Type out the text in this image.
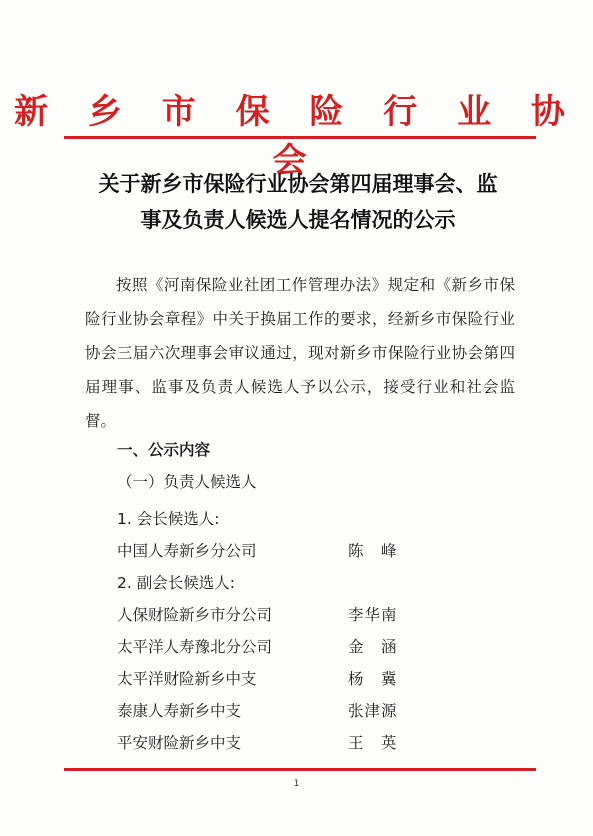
新 乡 市 保 险 行 业 协 会
关于新乡市保险行业协会第四届理事会、监
事及负责人候选人提名情况的公示
按照《河南保险业社团工作管理办法》规定和《新乡市保险行业协会章程》中关于换届工作的要求，经新乡市保险行业协会三届六次理事会审议通过，现对新乡市保险行业协会第四届理事、监事及负责人候选人予以公示，接受行业和社会监督。
一、公示内容
（一）负责人候选人
1. 会长候选人:
中国人寿新乡分公司	陈　峰
2. 副会长候选人:
人保财险新乡市分公司	李华南
太平洋人寿豫北分公司	金　涵
太平洋财险新乡中支	杨　冀
泰康人寿新乡中支	张津源
平安财险新乡中支	王　英
1
